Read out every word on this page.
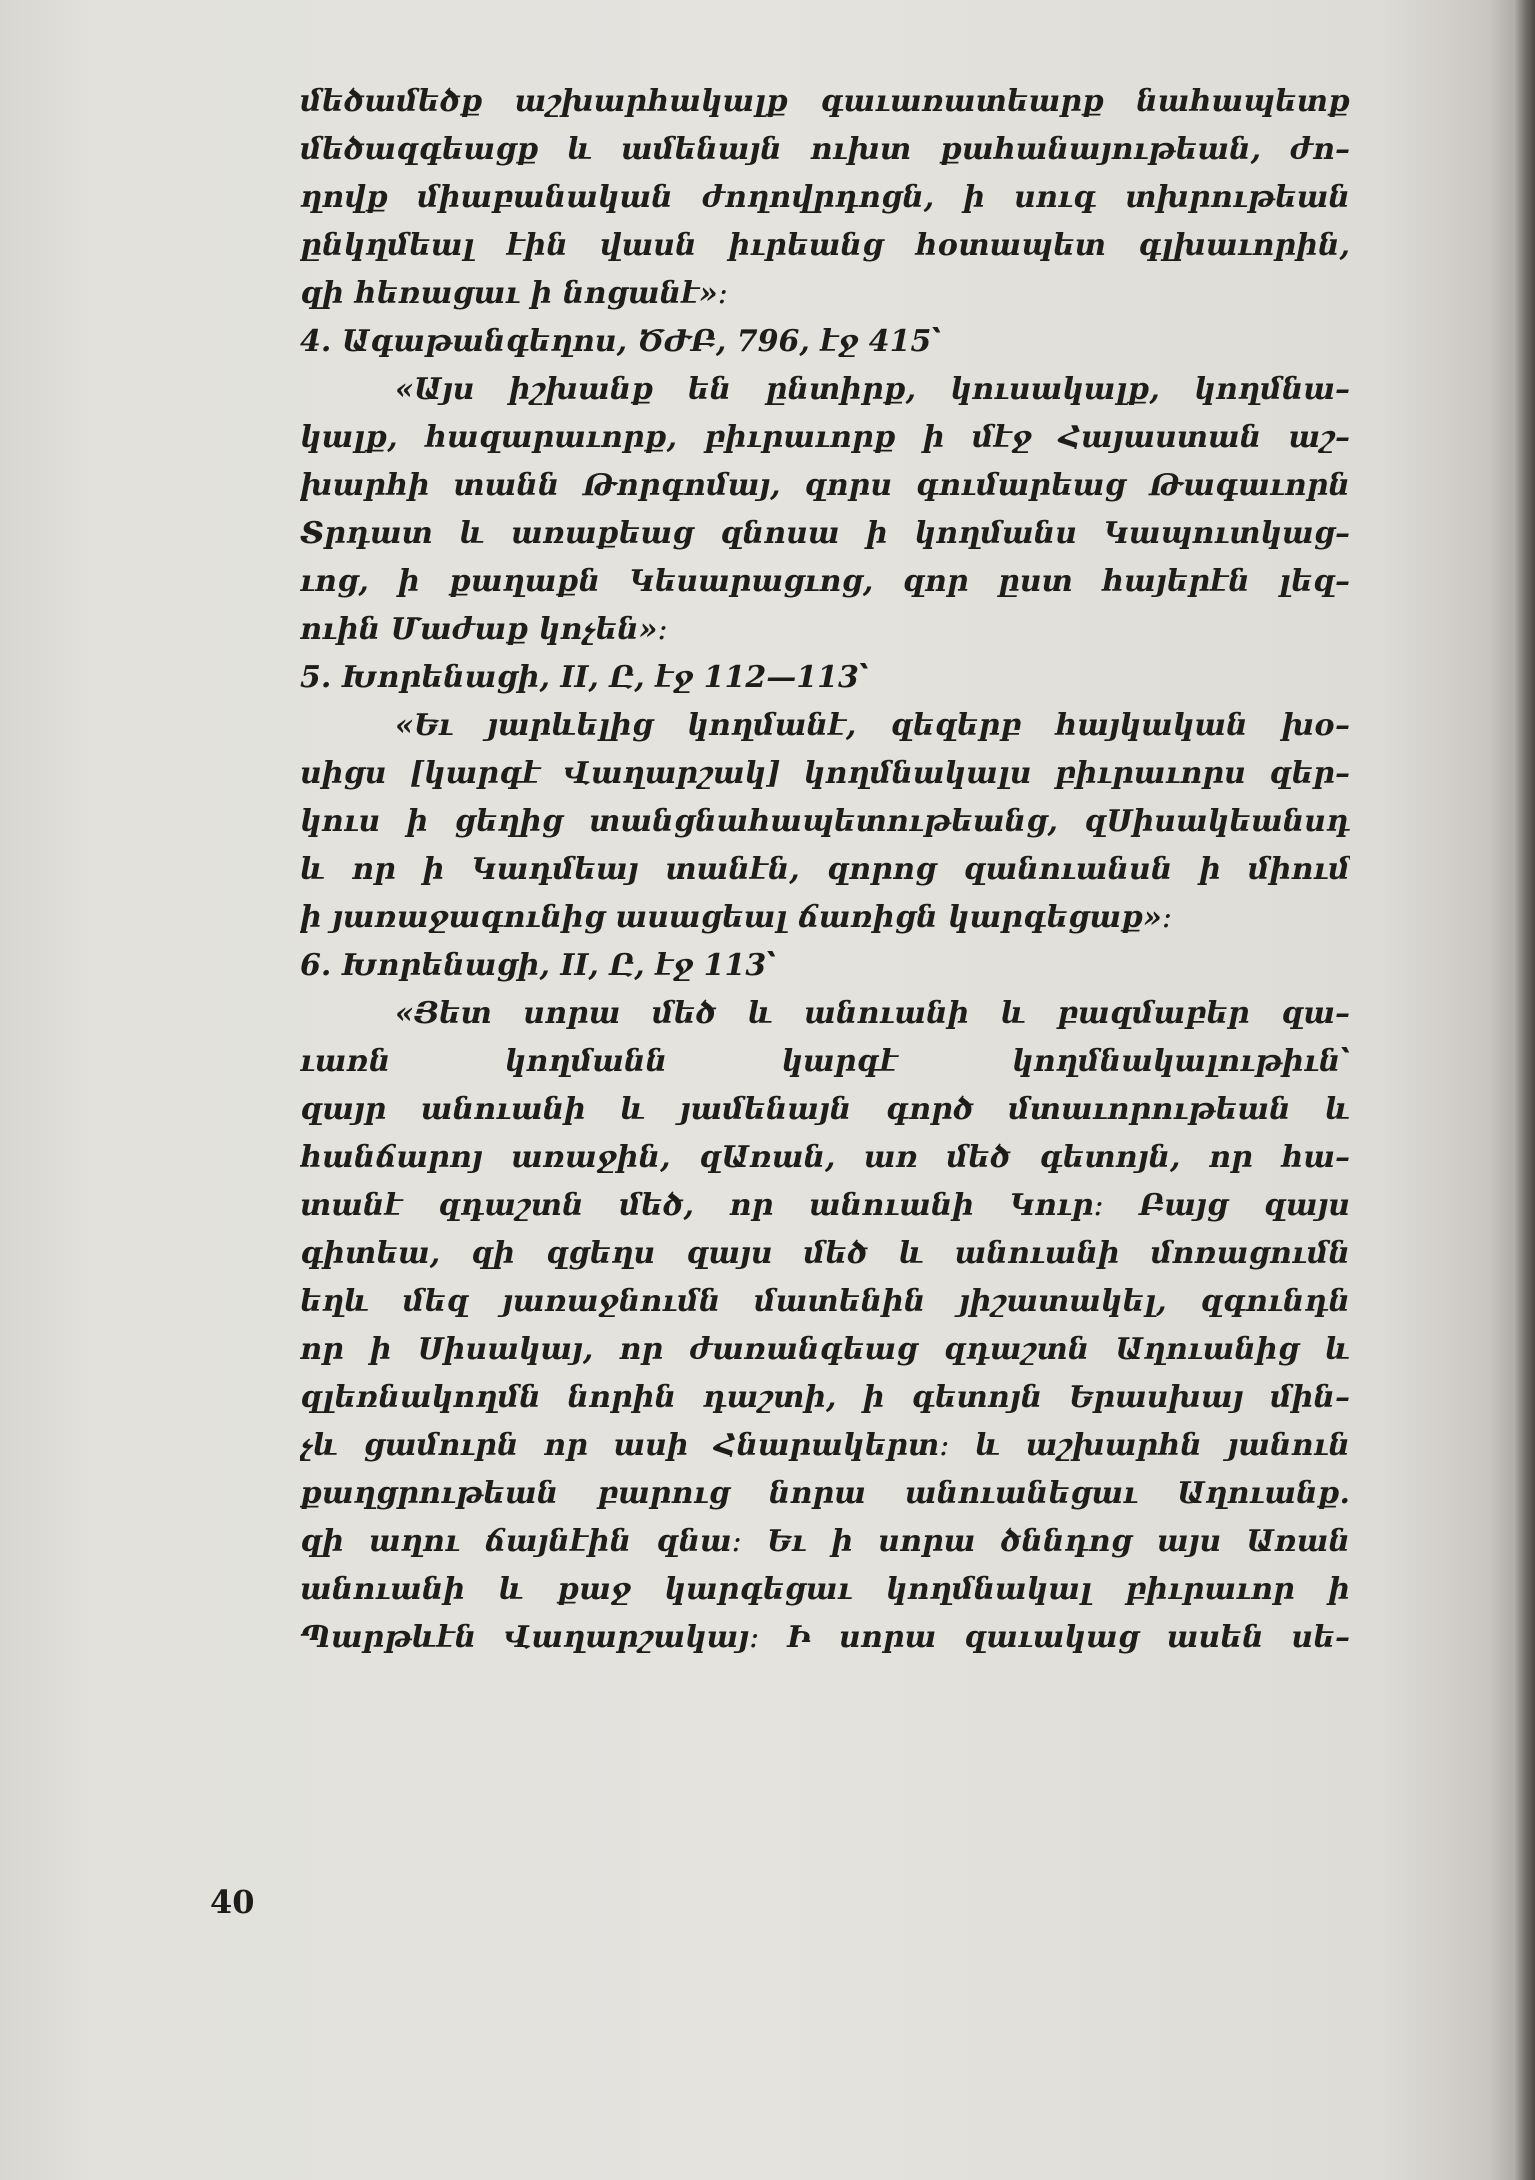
մեծամեծք աշխարհակալք գաւառատեարք նահապետք
մեծազգեացք և ամենայն ուխտ քահանայութեան, ժո–
ղովք միաբանական ժողովրդոցն, ի սուգ տխրութեան
ընկղմեալ էին վասն իւրեանց հօտապետ գլխաւորին,
զի հեռացաւ ի նոցանէ»։
4. Ագաթանգեղոս, ԾԺԲ, 796, էջ 415՝
«Այս իշխանք են ընտիրք, կուսակալք, կողմնա–
կալք, հազարաւորք, բիւրաւորք ի մէջ Հայաստան աշ–
խարհի տանն Թորգոմայ, զորս գումարեաց Թագաւորն
Տրդատ և առաքեաց զնոսա ի կողմանս Կապուտկաց–
ւոց, ի քաղաքն Կեսարացւոց, զոր ըստ հայերէն լեզ–
ուին Մաժաք կոչեն»։
5. Խորենացի, II, Ը, էջ 112—113՝
«Եւ յարևելից կողմանէ, զեզերբ հայկական խօ–
սիցս [կարգէ Վաղարշակ] կողմնակալս բիւրաւորս զեր–
կուս ի ցեղից տանցնահապետութեանց, զՍիսակեանսդ
և որ ի Կադմեայ տանէն, զորոց զանուանսն ի միում
ի յառաջագունից ասացեալ ճառիցն կարգեցաք»։
6. Խորենացի, II, Ը, էջ 113՝
«Յետ սորա մեծ և անուանի և բազմաբեր զա–
ւառն կողմանն կարգէ կողմնակալութիւն՝
զայր անուանի և յամենայն գործ մտաւորութեան և
հանճարոյ առաջին, զԱռան, առ մեծ գետոյն, որ հա–
տանէ զդաշտն մեծ, որ անուանի Կուր։ Բայց զայս
գիտեա, զի զցեղս զայս մեծ և անուանի մոռացումն
եղև մեզ յառաջնումն մատենին յիշատակել, զգունդն
որ ի Սիսակայ, որ ժառանգեաց զդաշտն Աղուանից և
զլեռնակողմն նորին դաշտի, ի գետոյն Երասխայ մին–
չև ցամուրն որ ասի Հնարակերտ։ և աշխարհն յանուն
քաղցրութեան բարուց նորա անուանեցաւ Աղուանք.
զի աղու ճայնէին զնա։ Եւ ի սորա ծննդոց այս Առան
անուանի և քաջ կարգեցաւ կողմնակալ բիւրաւոր ի
Պարթևէն Վաղարշակայ։ Ի սորա զաւակաց ասեն սե–
40
